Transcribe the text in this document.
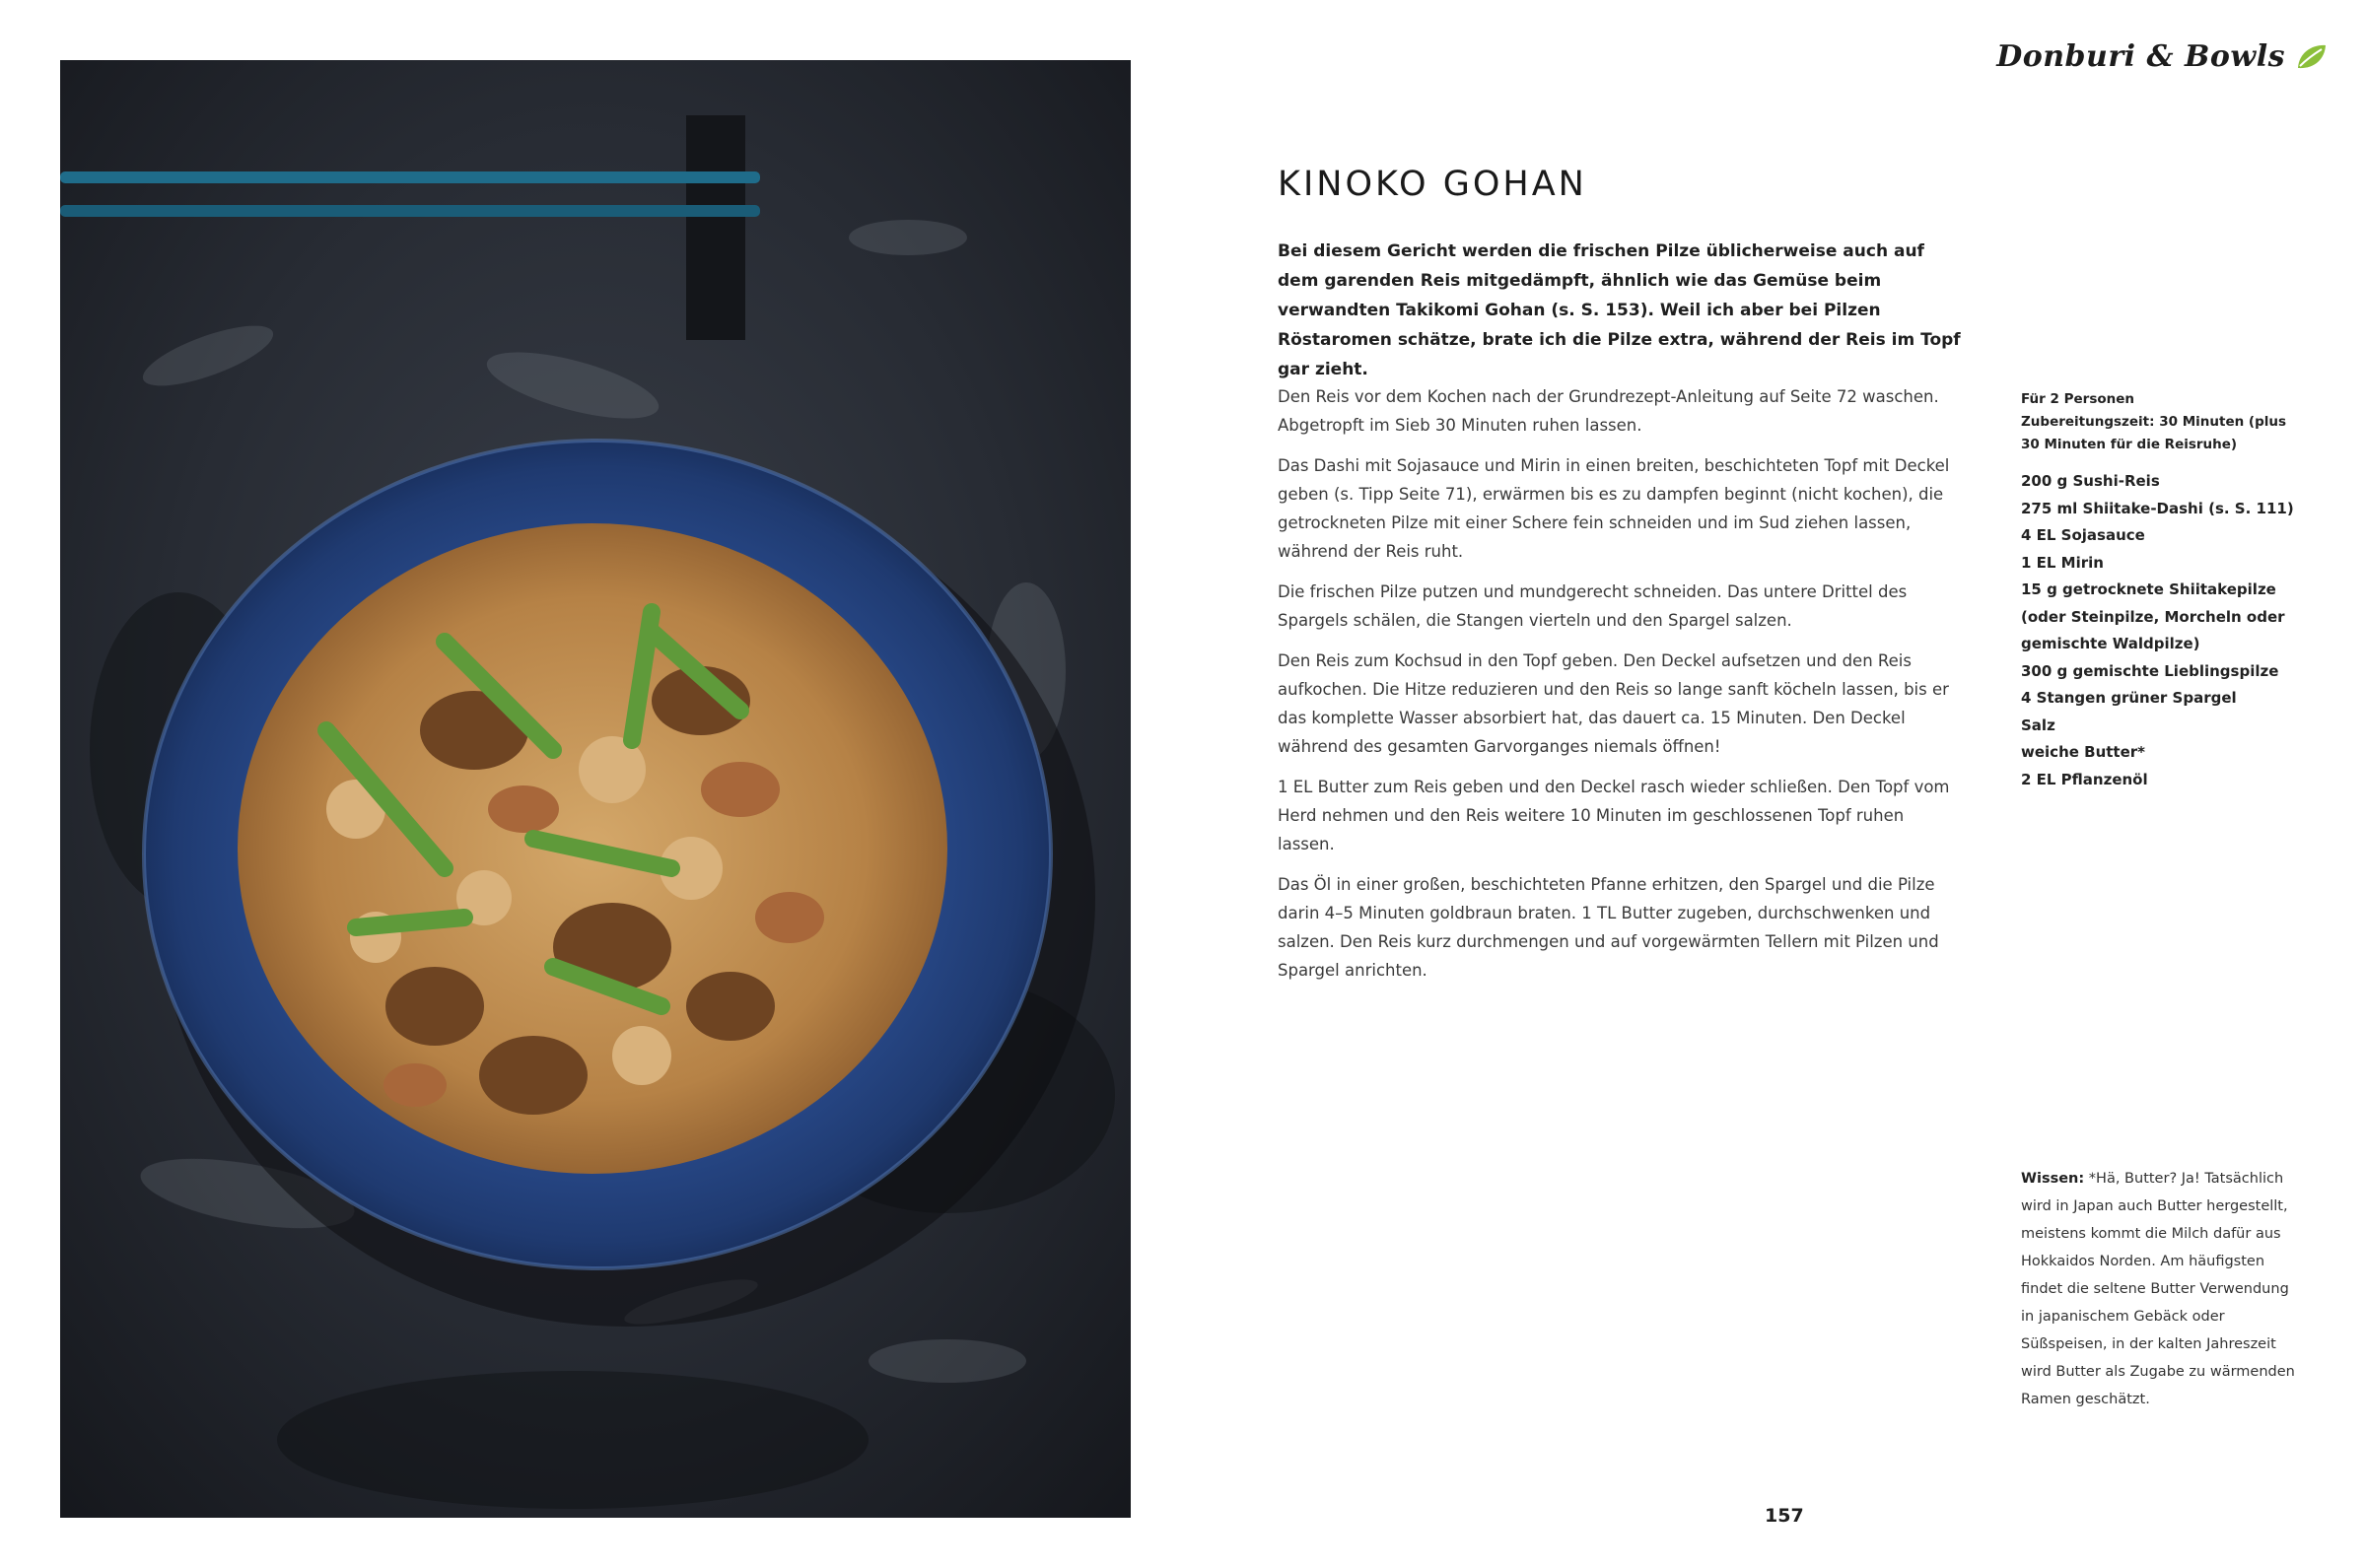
Donburi & Bowls
KINOKO GOHAN

Bei diesem Gericht werden die frischen Pilze üblicherweise auch auf dem garenden Reis mitgedämpft, ähnlich wie das Gemüse beim verwandten Takikomi Gohan (s. S. 153). Weil ich aber bei Pilzen Röstaromen schätze, brate ich die Pilze extra, während der Reis im Topf gar zieht.

Den Reis vor dem Kochen nach der Grundrezept-Anleitung auf Seite 72 waschen. Abgetropft im Sieb 30 Minuten ruhen lassen.

Das Dashi mit Sojasauce und Mirin in einen breiten, beschichteten Topf mit Deckel geben (s. Tipp Seite 71), erwärmen bis es zu dampfen beginnt (nicht kochen), die getrockneten Pilze mit einer Schere fein schneiden und im Sud ziehen lassen, während der Reis ruht.

Die frischen Pilze putzen und mundgerecht schneiden. Das untere Drittel des Spargels schälen, die Stangen vierteln und den Spargel salzen.

Den Reis zum Kochsud in den Topf geben. Den Deckel aufsetzen und den Reis aufkochen. Die Hitze reduzieren und den Reis so lange sanft köcheln lassen, bis er das komplette Wasser absorbiert hat, das dauert ca. 15 Minuten. Den Deckel während des gesamten Garvorganges niemals öffnen!

1 EL Butter zum Reis geben und den Deckel rasch wieder schließen. Den Topf vom Herd nehmen und den Reis weitere 10 Minuten im geschlossenen Topf ruhen lassen.

Das Öl in einer großen, beschichteten Pfanne erhitzen, den Spargel und die Pilze darin 4–5 Minuten goldbraun braten. 1 TL Butter zugeben, durchschwenken und salzen. Den Reis kurz durchmengen und auf vorgewärmten Tellern mit Pilzen und Spargel anrichten.

Für 2 Personen

Zubereitungszeit: 30 Minuten (plus 30 Minuten für die Reisruhe)

200 g Sushi-Reis
275 ml Shiitake-Dashi (s. S. 111)
4 EL Sojasauce
1 EL Mirin
15 g getrocknete Shiitakepilze (oder Steinpilze, Morcheln oder gemischte Waldpilze)
300 g gemischte Lieblingspilze
4 Stangen grüner Spargel
Salz
weiche Butter*
2 EL Pflanzenöl

Wissen: *Hä, Butter? Ja! Tatsächlich wird in Japan auch Butter hergestellt, meistens kommt die Milch dafür aus Hokkaidos Norden. Am häufigsten findet die seltene Butter Verwendung in japanischem Gebäck oder Süßspeisen, in der kalten Jahreszeit wird Butter als Zugabe zu wärmenden Ramen geschätzt.

157
